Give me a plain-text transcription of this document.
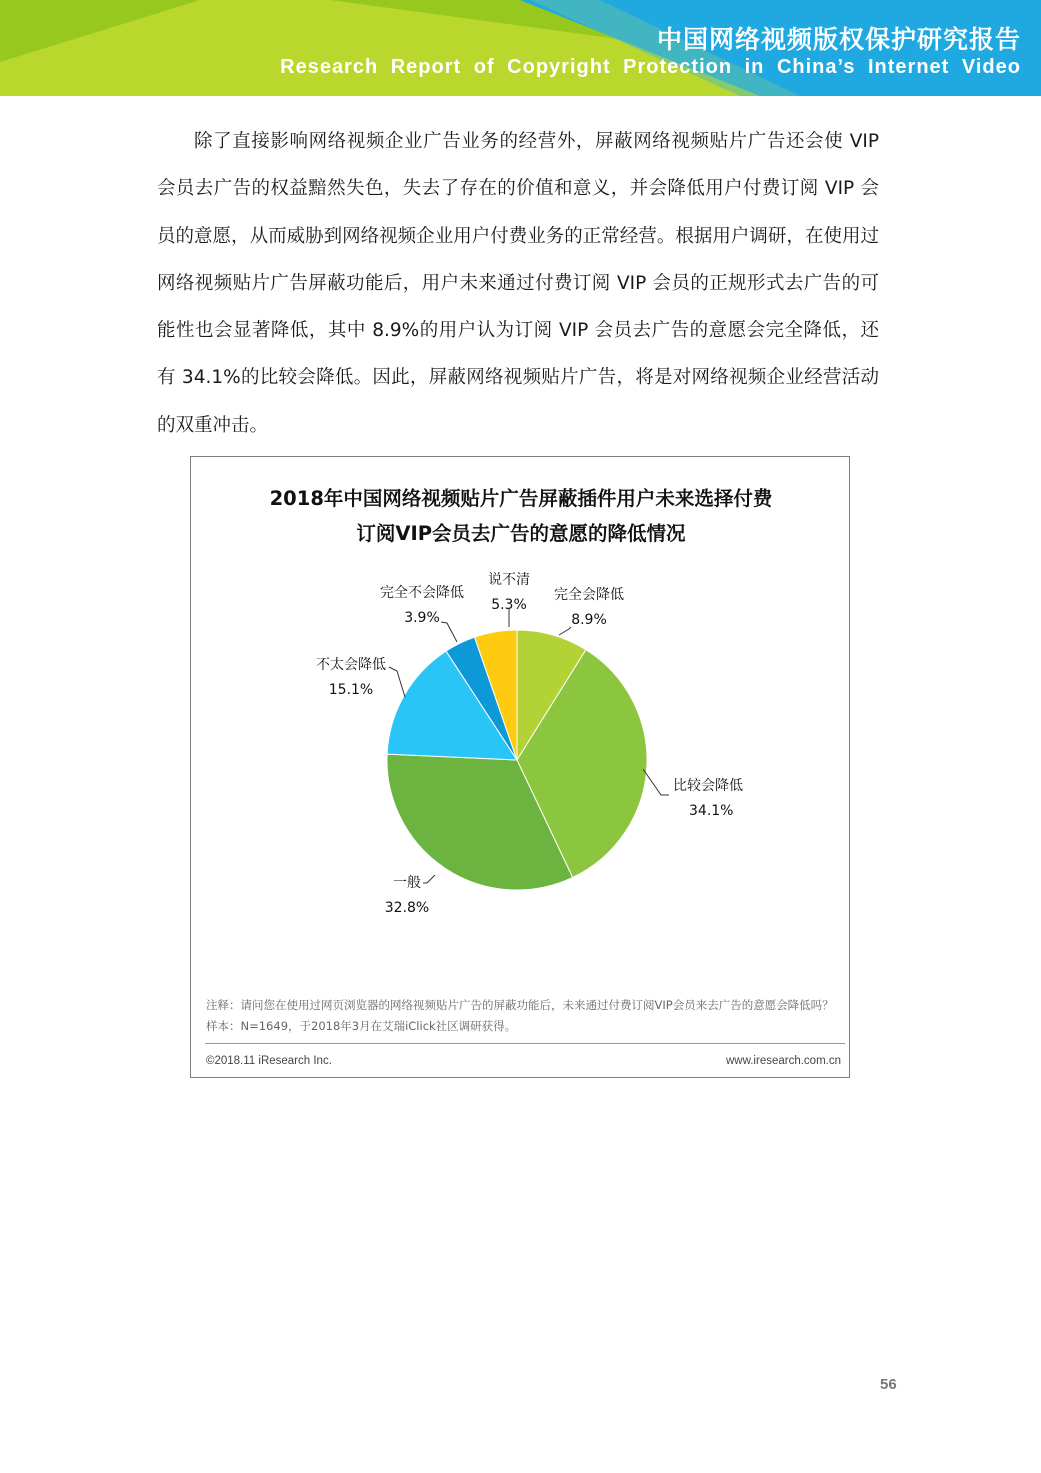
中国网络视频版权保护研究报告
Research Report of Copyright Protection in China’s Internet Video

除了直接影响网络视频企业广告业务的经营外，屏蔽网络视频贴片广告还会使 VIP 会员去广告的权益黯然失色，失去了存在的价值和意义，并会降低用户付费订阅 VIP 会员的意愿，从而威胁到网络视频企业用户付费业务的正常经营。根据用户调研，在使用过网络视频贴片广告屏蔽功能后，用户未来通过付费订阅 VIP 会员的正规形式去广告的可能性也会显著降低，其中 8.9%的用户认为订阅 VIP 会员去广告的意愿会完全降低，还有 34.1%的比较会降低。因此，屏蔽网络视频贴片广告，将是对网络视频企业经营活动的双重冲击。

2018年中国网络视频贴片广告屏蔽插件用户未来选择付费
订阅VIP会员去广告的意愿的降低情况
完全会降低
8.9%
比较会降低
34.1%
一般
32.8%
不太会降低
15.1%
完全不会降低
3.9%
说不清
5.3%
注释：请问您在使用过网页浏览器的网络视频贴片广告的屏蔽功能后，未来通过付费订阅VIP会员来去广告的意愿会降低吗？
样本：N=1649，于2018年3月在艾瑞iClick社区调研获得。
©2018.11 iResearch Inc.	www.iresearch.com.cn
56
